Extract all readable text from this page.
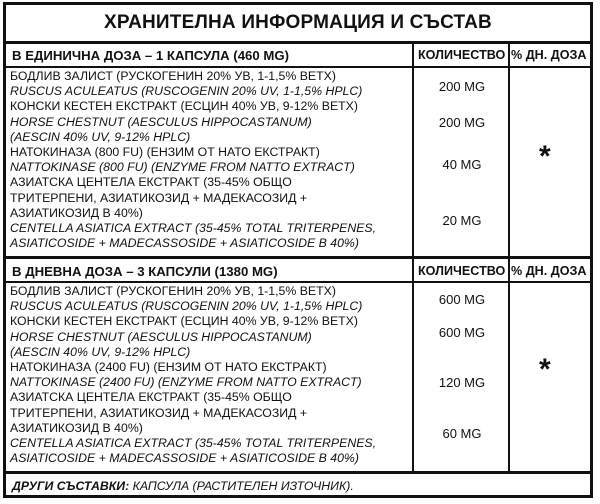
ХРАНИТЕЛНА ИНФОРМАЦИЯ И СЪСТАВ
В ЕДИНИЧНА ДОЗА – 1 КАПСУЛА (460 MG)	КОЛИЧЕСТВО % ДН. ДОЗА
БОДЛИВ ЗАЛИСТ (РУСКОГЕНИН 20% УВ, 1-1,5% BETX)
RUSCUS ACULEATUS (RUSCOGENIN 20% UV, 1-1,5% HPLC)
КОНСКИ КЕСТЕН ЕКСТРАКТ (ЕСЦИН 40% УВ, 9-12% BETX)
HORSE CHESTNUT (AESCULUS HIPPOCASTANUM)
(AESCIN 40% UV, 9-12% HPLC)
НАТОКИНАЗА (800 FU) (ЕНЗИМ ОТ НАТО ЕКСТРАКТ)
NATTOKINASE (800 FU) (ENZYME FROM NATTO EXTRACT)
АЗИАТСКА ЦЕНТЕЛА ЕКСТРАКТ (35-45% ОБЩО
ТРИТЕРПЕНИ, АЗИАТИКОЗИД + МАДЕКАСОЗИД +
АЗИАТИКОЗИД В 40%)
CENTELLA ASIATICA EXTRACT (35-45% TOTAL TRITERPENES,
ASIATICOSIDE + MADECASSOSIDE + ASIATICOSIDE B 40%)
200 MG
200 MG
40 MG
20 MG
*
В ДНЕВНА ДОЗА – 3 КАПСУЛИ (1380 MG)	КОЛИЧЕСТВО % ДН. ДОЗА
БОДЛИВ ЗАЛИСТ (РУСКОГЕНИН 20% УВ, 1-1,5% BETX)
RUSCUS ACULEATUS (RUSCOGENIN 20% UV, 1-1,5% HPLC)
КОНСКИ КЕСТЕН ЕКСТРАКТ (ЕСЦИН 40% УВ, 9-12% BETX)
HORSE CHESTNUT (AESCULUS HIPPOCASTANUM)
(AESCIN 40% UV, 9-12% HPLC)
НАТОКИНАЗА (2400 FU) (ЕНЗИМ ОТ НАТО ЕКСТРАКТ)
NATTOKINASE (2400 FU) (ENZYME FROM NATTO EXTRACT)
АЗИАТСКА ЦЕНТЕЛА ЕКСТРАКТ (35-45% ОБЩО
ТРИТЕРПЕНИ, АЗИАТИКОЗИД + МАДЕКАСОЗИД +
АЗИАТИКОЗИД В 40%)
CENTELLA ASIATICA EXTRACT (35-45% TOTAL TRITERPENES,
ASIATICOSIDE + MADECASSOSIDE + ASIATICOSIDE B 40%)
600 MG
600 MG
120 MG
60 MG
*
ДРУГИ СЪСТАВКИ: КАПСУЛА (РАСТИТЕЛЕН ИЗТОЧНИК).
